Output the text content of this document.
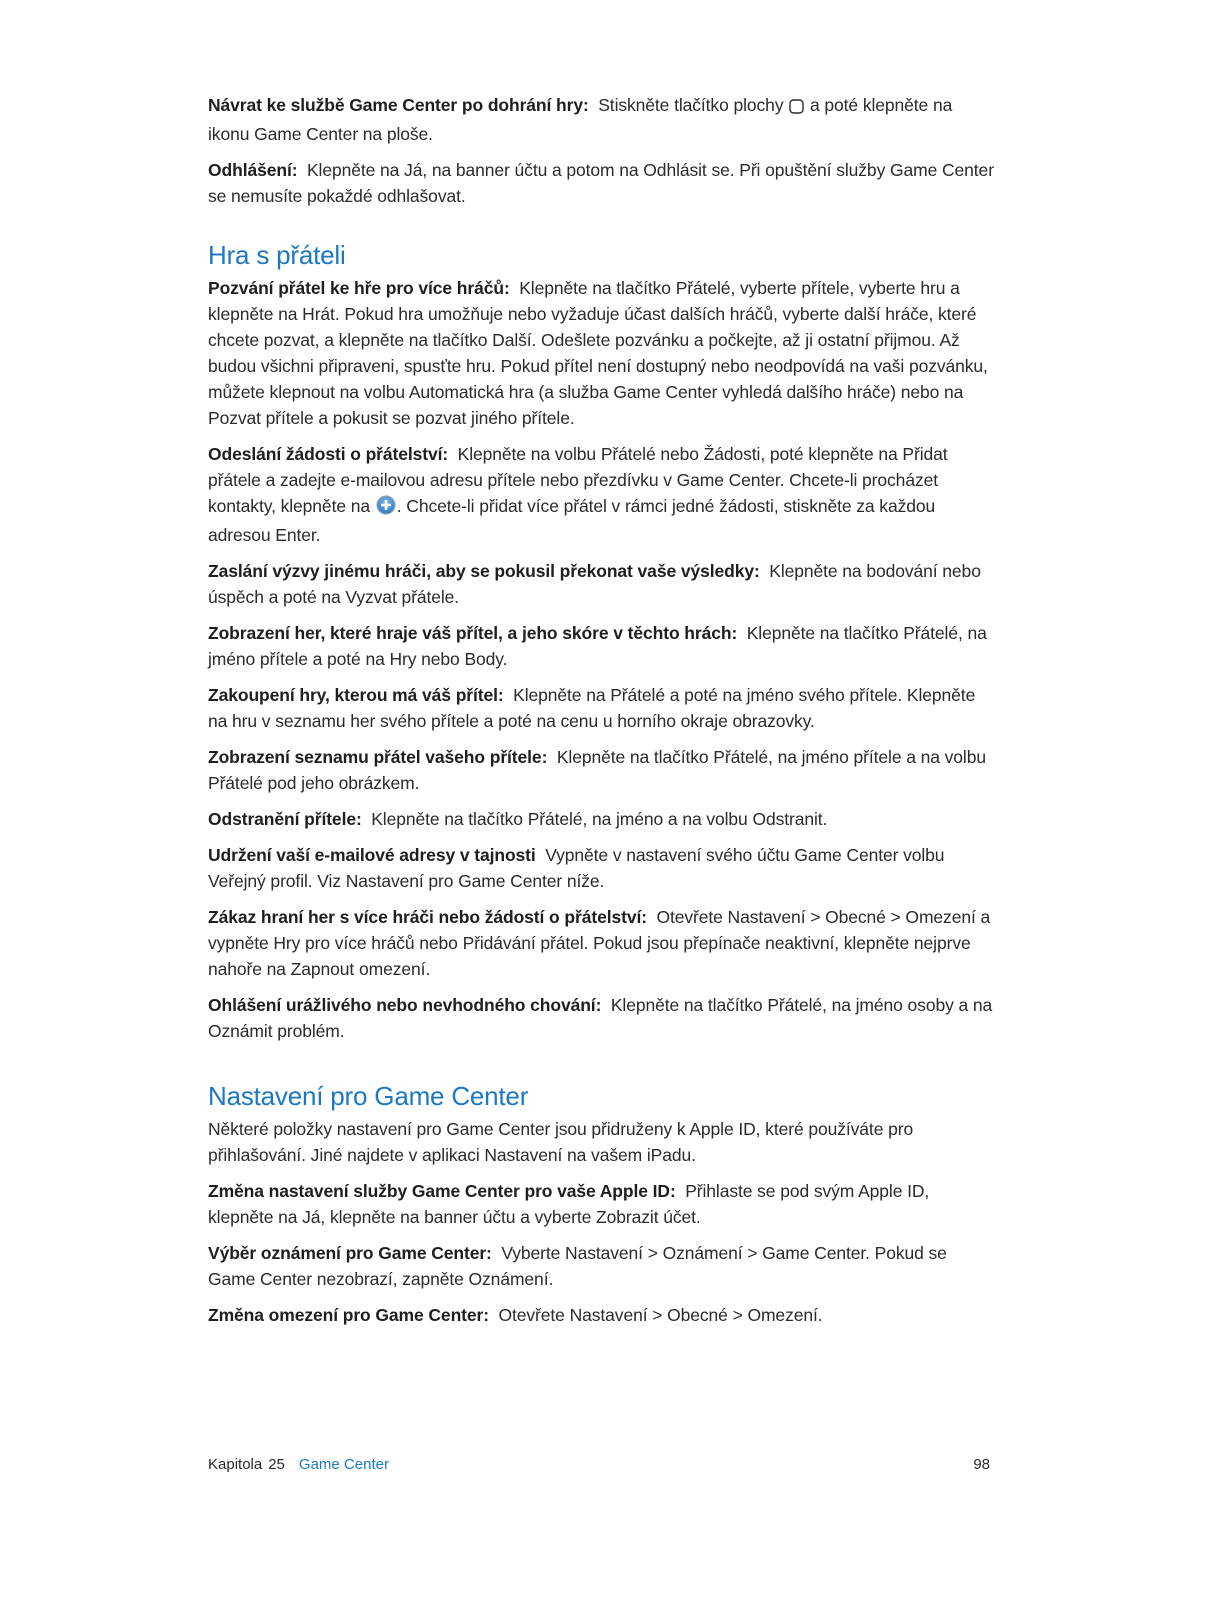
Návrat ke službě Game Center po dohrání hry: Stiskněte tlačítko plochy a poté klepněte na ikonu Game Center na ploše.

Odhlášení: Klepněte na Já, na banner účtu a potom na Odhlásit se. Při opuštění služby Game Center se nemusíte pokaždé odhlašovat.

Hra s přáteli

Pozvání přátel ke hře pro více hráčů: Klepněte na tlačítko Přátelé, vyberte přítele, vyberte hru a klepněte na Hrát. Pokud hra umožňuje nebo vyžaduje účast dalších hráčů, vyberte další hráče, které chcete pozvat, a klepněte na tlačítko Další. Odešlete pozvánku a počkejte, až ji ostatní přijmou. Až budou všichni připraveni, spusťte hru. Pokud přítel není dostupný nebo neodpovídá na vaši pozvánku, můžete klepnout na volbu Automatická hra (a služba Game Center vyhledá dalšího hráče) nebo na Pozvat přítele a pokusit se pozvat jiného přítele.

Odeslání žádosti o přátelství: Klepněte na volbu Přátelé nebo Žádosti, poté klepněte na Přidat přátele a zadejte e-mailovou adresu přítele nebo přezdívku v Game Center. Chcete-li procházet kontakty, klepněte na . Chcete-li přidat více přátel v rámci jedné žádosti, stiskněte za každou adresou Enter.

Zaslání výzvy jinému hráči, aby se pokusil překonat vaše výsledky: Klepněte na bodování nebo úspěch a poté na Vyzvat přátele.

Zobrazení her, které hraje váš přítel, a jeho skóre v těchto hrách: Klepněte na tlačítko Přátelé, na jméno přítele a poté na Hry nebo Body.

Zakoupení hry, kterou má váš přítel: Klepněte na Přátelé a poté na jméno svého přítele. Klepněte na hru v seznamu her svého přítele a poté na cenu u horního okraje obrazovky.

Zobrazení seznamu přátel vašeho přítele: Klepněte na tlačítko Přátelé, na jméno přítele a na volbu Přátelé pod jeho obrázkem.

Odstranění přítele: Klepněte na tlačítko Přátelé, na jméno a na volbu Odstranit.

Udržení vaší e-mailové adresy v tajnosti Vypněte v nastavení svého účtu Game Center volbu Veřejný profil. Viz Nastavení pro Game Center níže.

Zákaz hraní her s více hráči nebo žádostí o přátelství: Otevřete Nastavení > Obecné > Omezení a vypněte Hry pro více hráčů nebo Přidávání přátel. Pokud jsou přepínače neaktivní, klepněte nejprve nahoře na Zapnout omezení.

Ohlášení urážlivého nebo nevhodného chování: Klepněte na tlačítko Přátelé, na jméno osoby a na Oznámit problém.

Nastavení pro Game Center

Některé položky nastavení pro Game Center jsou přidruženy k Apple ID, které používáte pro přihlašování. Jiné najdete v aplikaci Nastavení na vašem iPadu.

Změna nastavení služby Game Center pro vaše Apple ID: Přihlaste se pod svým Apple ID, klepněte na Já, klepněte na banner účtu a vyberte Zobrazit účet.

Výběr oznámení pro Game Center: Vyberte Nastavení > Oznámení > Game Center. Pokud se Game Center nezobrazí, zapněte Oznámení.

Změna omezení pro Game Center: Otevřete Nastavení > Obecné > Omezení.

Kapitola 25 Game Center	98
